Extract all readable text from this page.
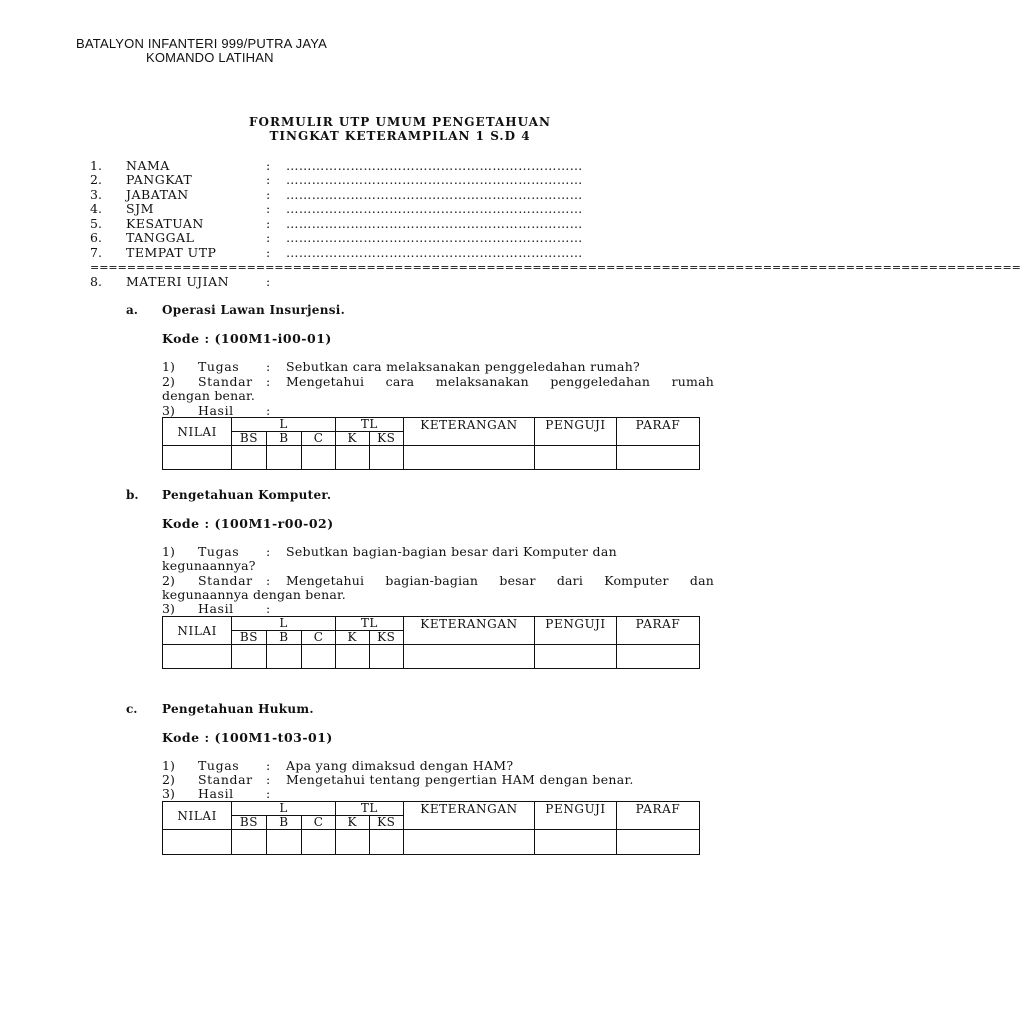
BATALYON INFANTERI 999/PUTRA JAYA
KOMANDO LATIHAN
FORMULIR UTP UMUM PENGETAHUAN
TINGKAT KETERAMPILAN 1 S.D 4
1. NAMA	: ……………………………………………………………
2. PANGKAT	: ……………………………………………………………
3. JABATAN	: ……………………………………………………………
4. SJM	: ……………………………………………………………
5. KESATUAN	: ……………………………………………………………
6. TANGGAL	: ……………………………………………………………
7. TEMPAT UTP	: ……………………………………………………………
=====================================================================================================
8. MATERI UJIAN	:
a. Operasi Lawan Insurjensi.
Kode : (100M1-i00-01)
1) Tugas : Sebutkan cara melaksanakan penggeledahan rumah?
2) Standar : Mengetahui cara melaksanakan penggeledahan rumah
dengan benar.
3) Hasil	:
NILAI	L			TL		KETERANGAN	PENGUJI	PARAF
	BS	B	C	K	KS			

b. Pengetahuan Komputer.
Kode : (100M1-r00-02)
1) Tugas : Sebutkan bagian-bagian besar dari Komputer dan
kegunaannya?
2) Standar : Mengetahui bagian-bagian besar dari Komputer dan
kegunaannya dengan benar.
3) Hasil	:
NILAI	L			TL		KETERANGAN	PENGUJI	PARAF
	BS	B	C	K	KS			

c. Pengetahuan Hukum.
Kode : (100M1-t03-01)
1) Tugas : Apa yang dimaksud dengan HAM?
2) Standar : Mengetahui tentang pengertian HAM dengan benar.
3) Hasil	:
NILAI	L			TL		KETERANGAN	PENGUJI	PARAF
	BS	B	C	K	KS			
